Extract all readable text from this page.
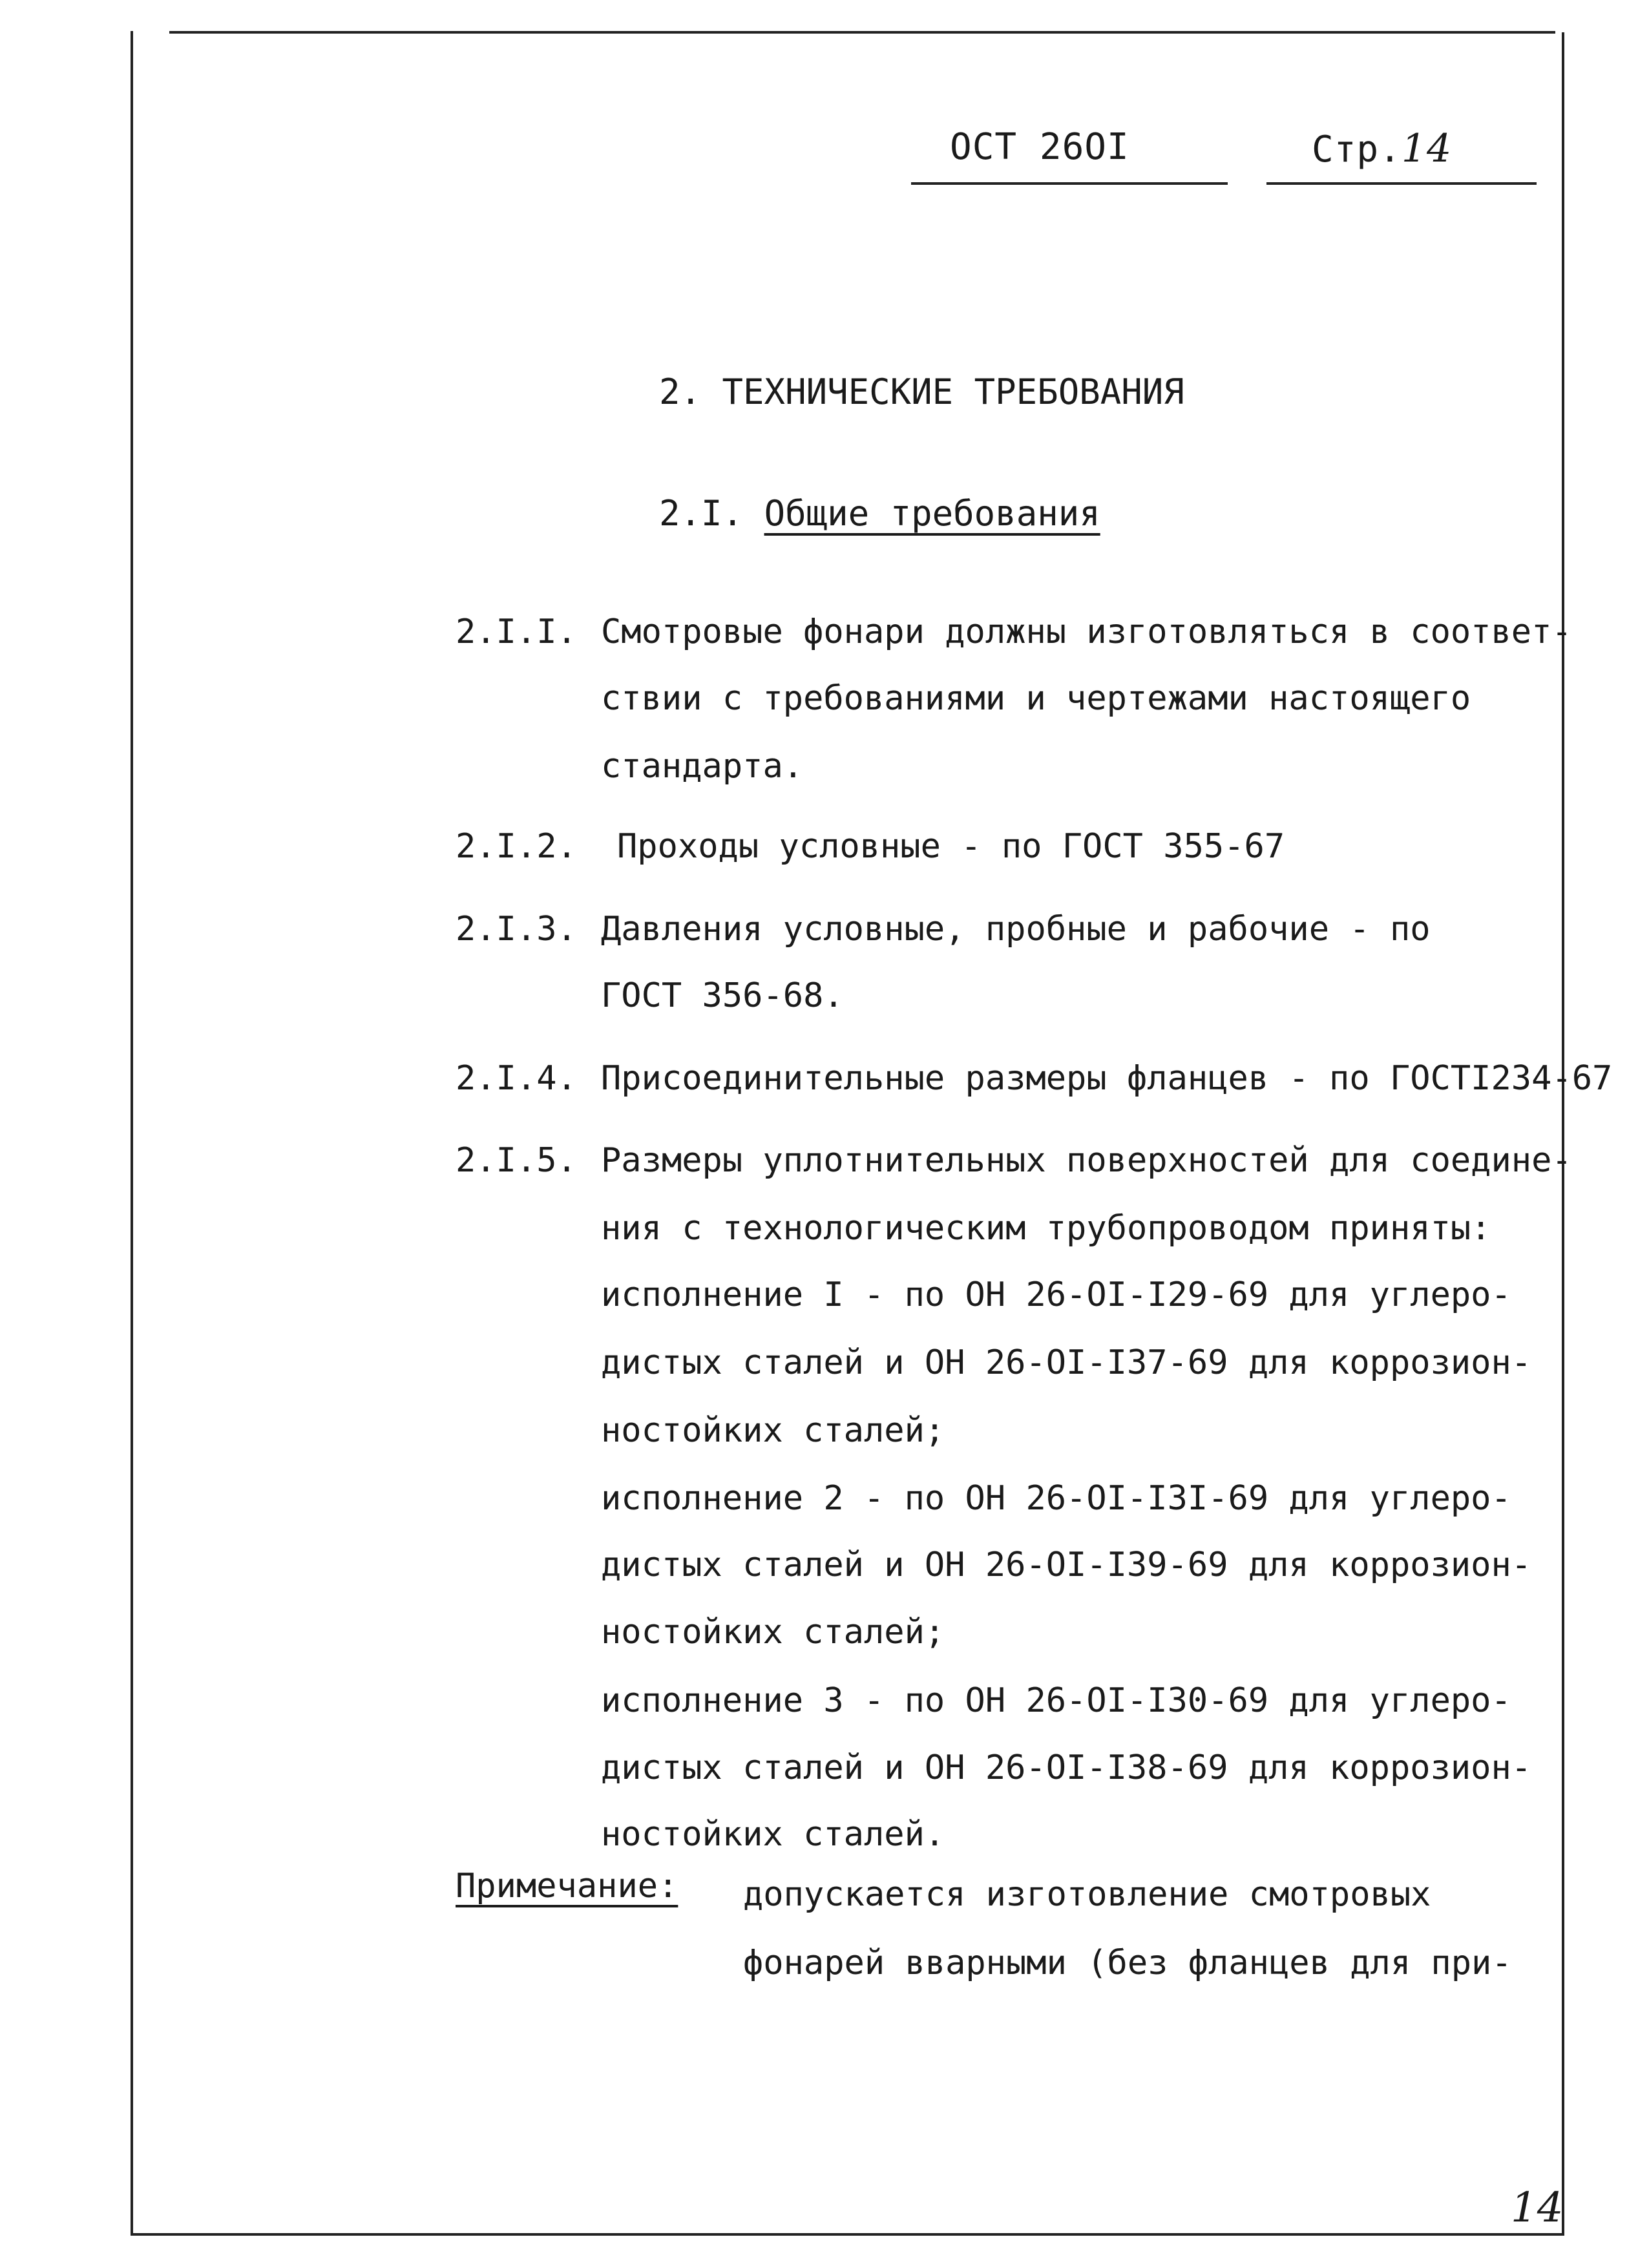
ОСТ 26OI	Стр.14
2. ТЕХНИЧЕСКИЕ ТРЕБОВАНИЯ
2.I. Общие требования
2.I.I. Смотровые фонари должны изготовляться в соответ-
ствии с требованиями и чертежами настоящего
стандарта.
2.I.2. Проходы условные - по ГОСТ 355-67
2.I.3. Давления условные, пробные и рабочие - по
ГОСТ 356-68.
2.I.4. Присоединительные размеры фланцев - по ГОСТI234-67
2.I.5. Размеры уплотнительных поверхностей для соедине-
ния с технологическим трубопроводом приняты:
исполнение I - по ОН 26-OI-I29-69 для углеро-
дистых сталей и ОН 26-OI-I37-69 для коррозион-
ностойких сталей;
исполнение 2 - по ОН 26-OI-I3I-69 для углеро-
дистых сталей и ОН 26-OI-I39-69 для коррозион-
ностойких сталей;
исполнение 3 - по ОН 26-OI-I30-69 для углеро-
дистых сталей и ОН 26-OI-I38-69 для коррозион-
ностойких сталей.
Примечание: допускается изготовление смотровых
фонарей вварными (без фланцев для при-
14
